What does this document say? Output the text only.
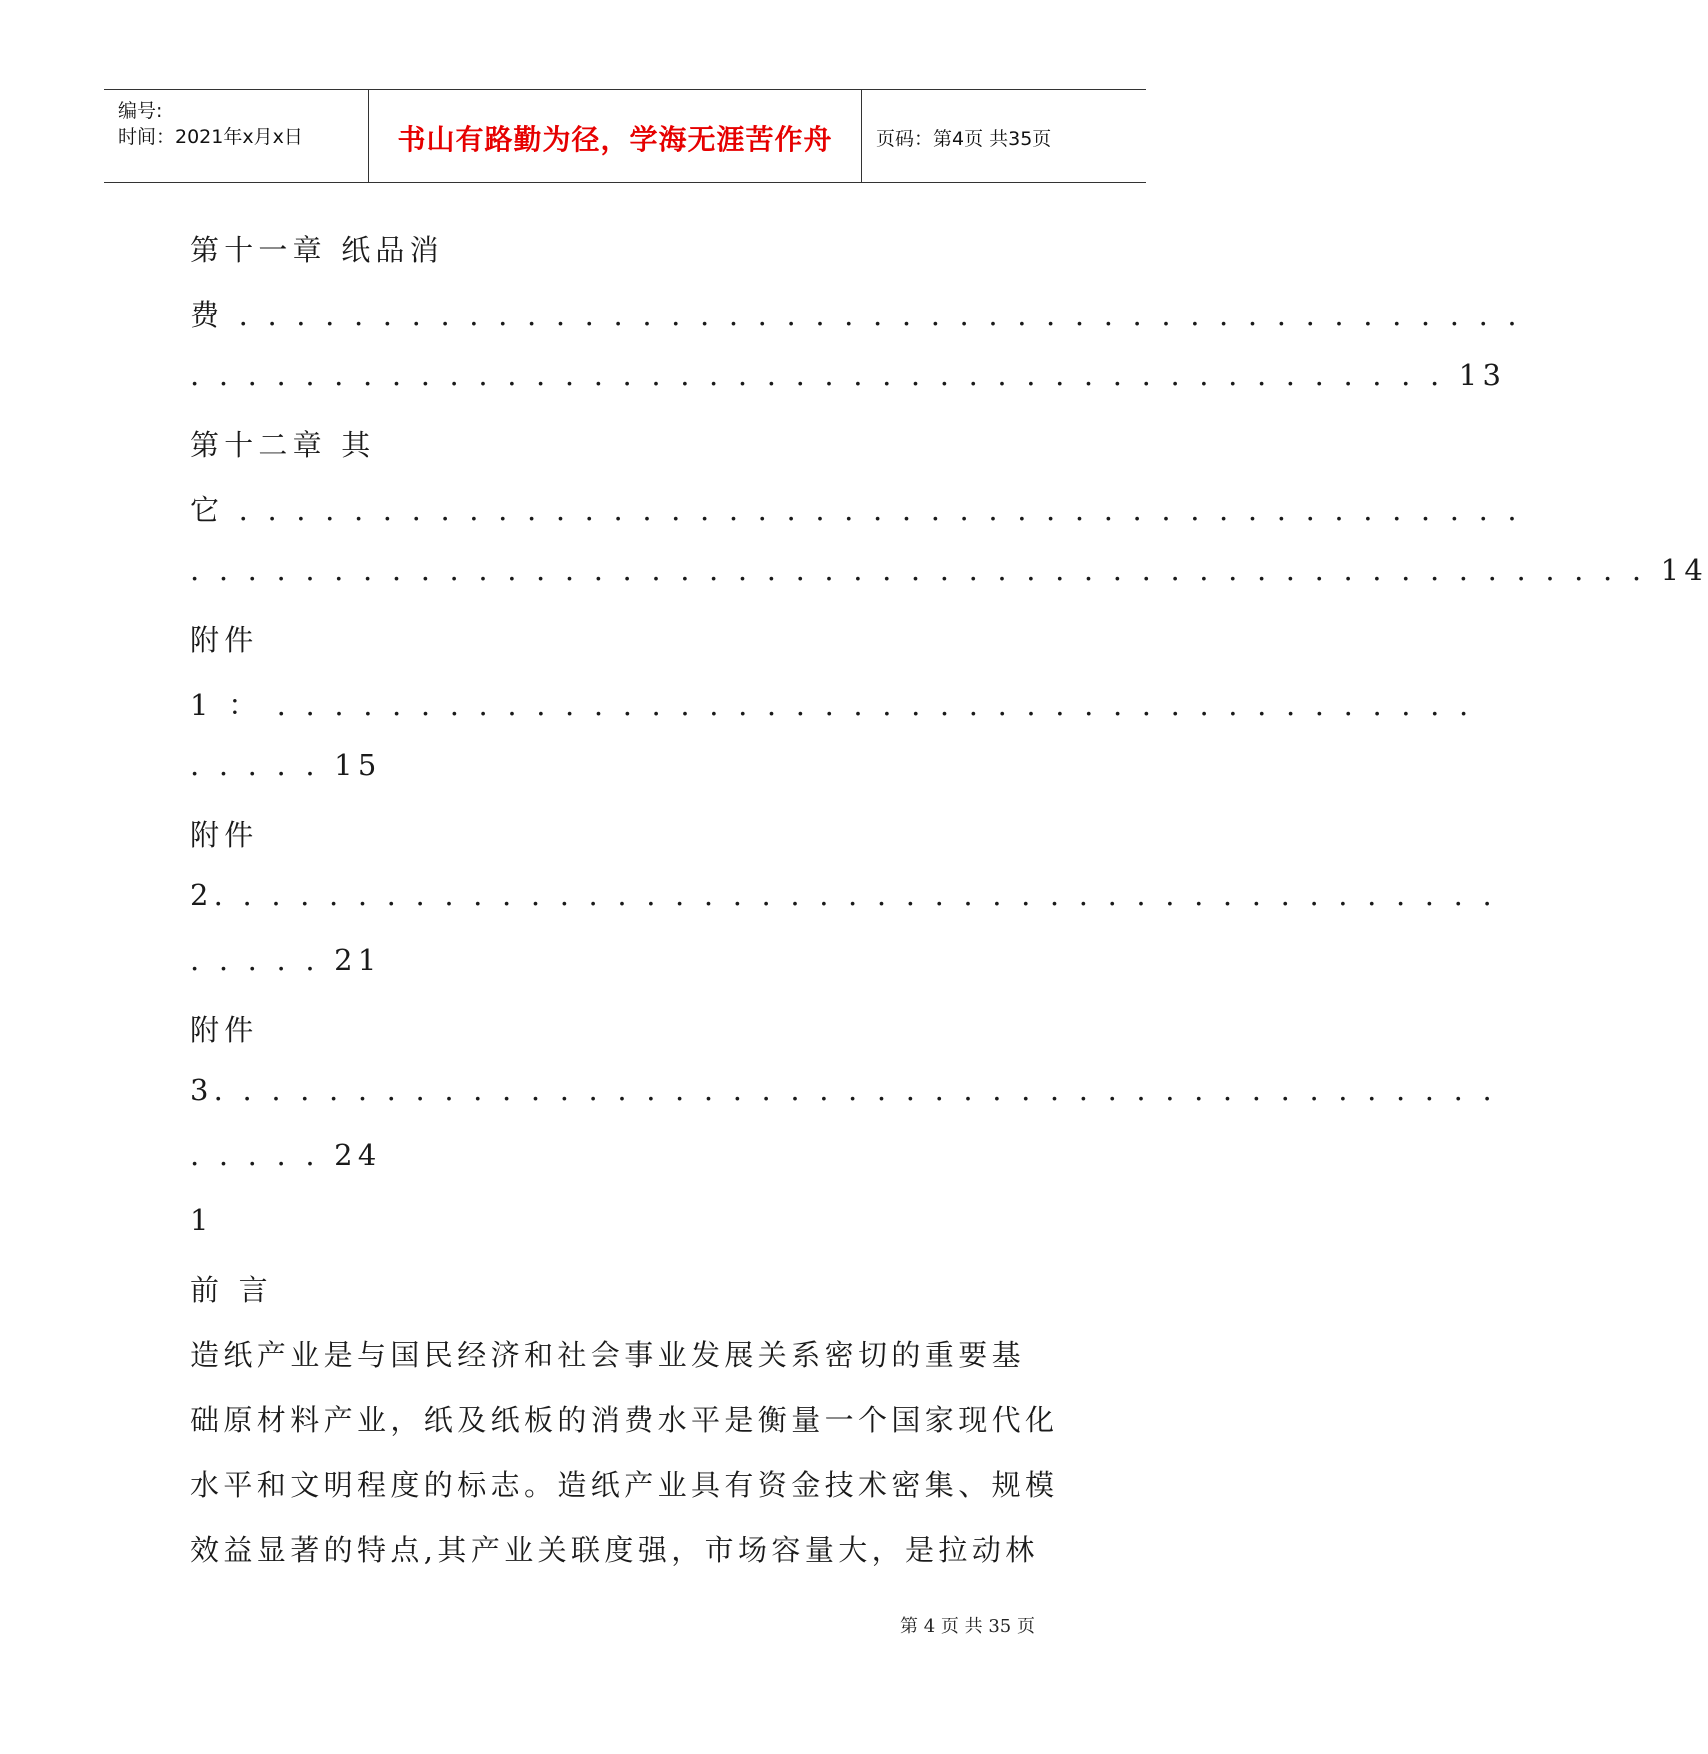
编号:
时间：2021年x月x日	书山有路勤为径，学海无涯苦作舟	页码：第4页 共35页
第十一章 纸品消
费 . . . . . . . . . . . . . . . . . . . . . . . . . . . . . . . . . . . . . . . . . . . . .
. . . . . . . . . . . . . . . . . . . . . . . . . . . . . . . . . . . . . . . . . . . . 13
第十二章 其
它 . . . . . . . . . . . . . . . . . . . . . . . . . . . . . . . . . . . . . . . . . . . . .
. . . . . . . . . . . . . . . . . . . . . . . . . . . . . . . . . . . . . . . . . . . . . . . . . . . 14
附件
1 ： . . . . . . . . . . . . . . . . . . . . . . . . . . . . . . . . . . . . . . . . . .
. . . . . 15
附件
2. . . . . . . . . . . . . . . . . . . . . . . . . . . . . . . . . . . . . . . . . . . . .
. . . . . 21
附件
3. . . . . . . . . . . . . . . . . . . . . . . . . . . . . . . . . . . . . . . . . . . . .
. . . . . 24
1
前 言
造纸产业是与国民经济和社会事业发展关系密切的重要基
础原材料产业，纸及纸板的消费水平是衡量一个国家现代化
水平和文明程度的标志。造纸产业具有资金技术密集、规模
效益显著的特点,其产业关联度强，市场容量大，是拉动林
第 4 页 共 35 页
